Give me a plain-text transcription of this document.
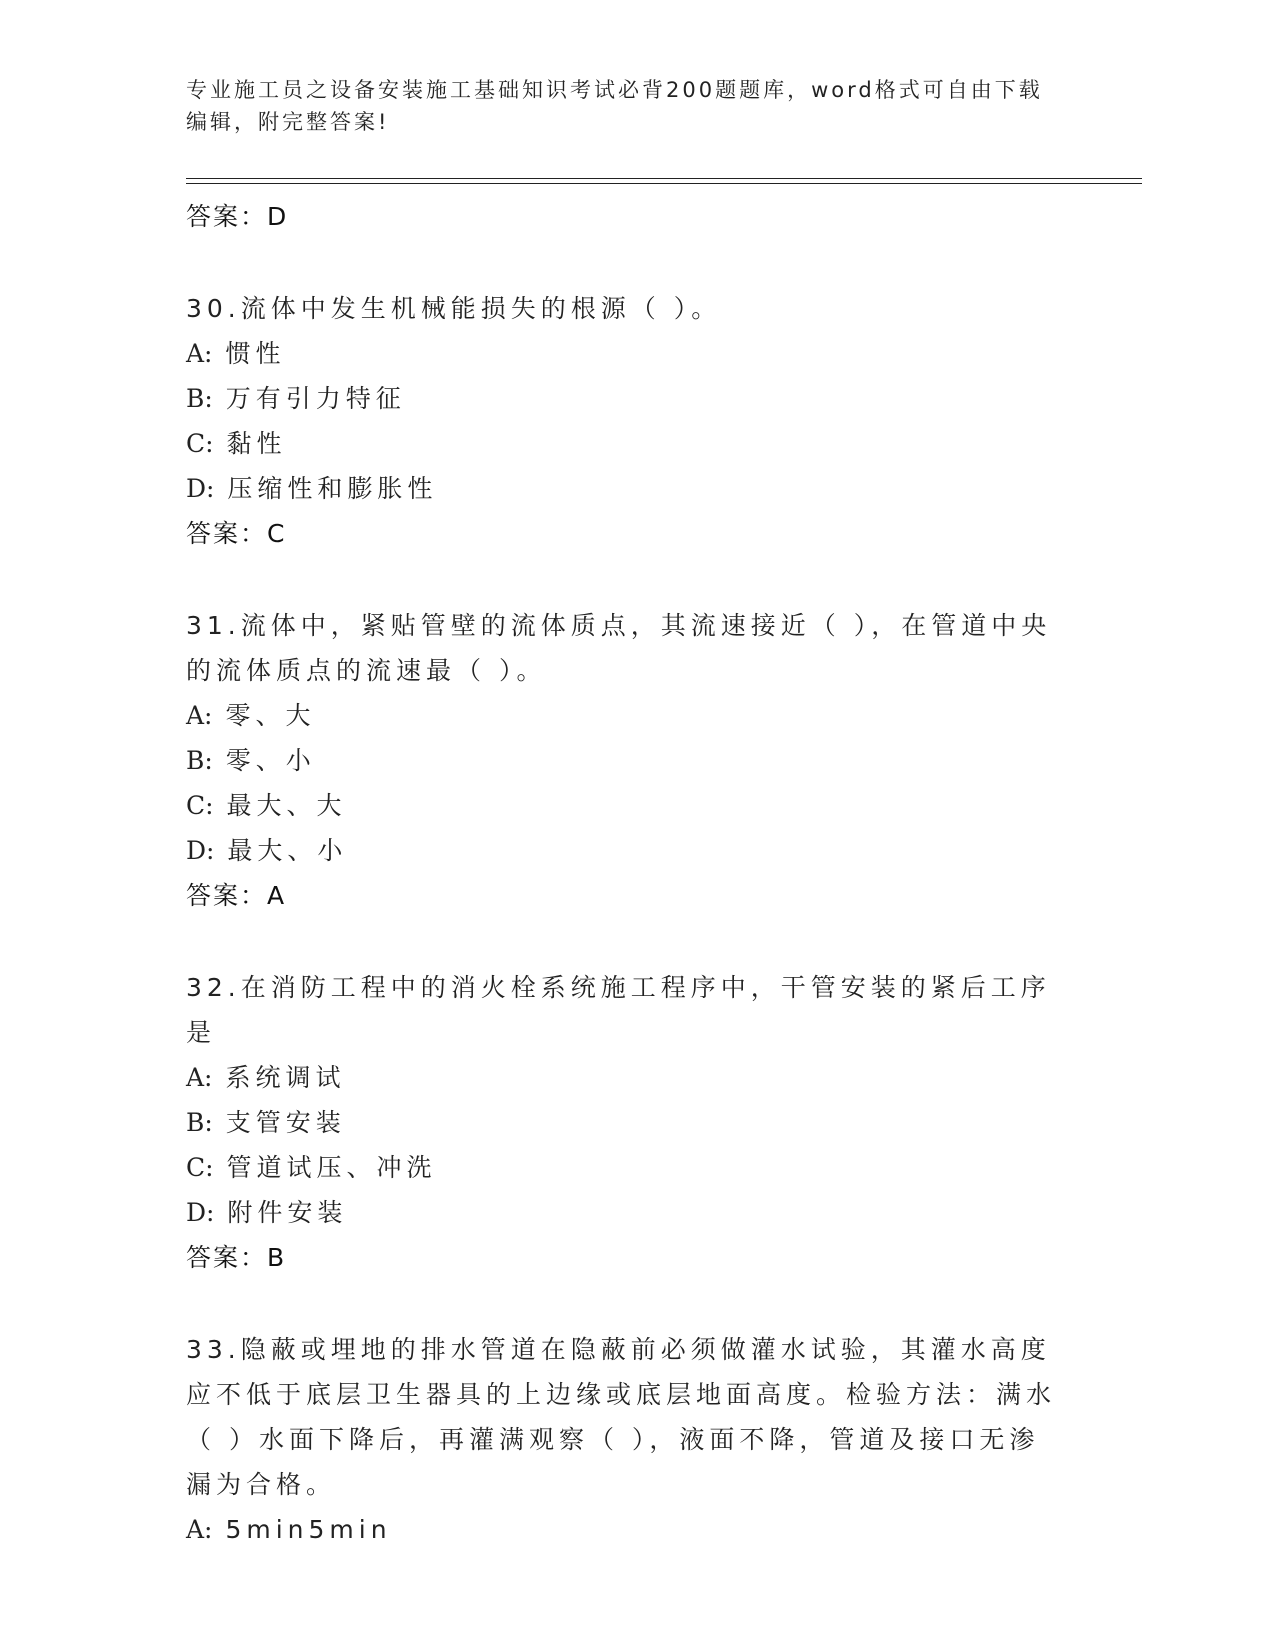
专业施工员之设备安装施工基础知识考试必背200题题库，word格式可自由下载编辑，附完整答案!
答案：D
30.流体中发生机械能损失的根源（ ）。
A: 惯性
B: 万有引力特征
C: 黏性
D: 压缩性和膨胀性
答案：C
31.流体中，紧贴管壁的流体质点，其流速接近（ ），在管道中央的流体质点的流速最（ ）。
A: 零、大
B: 零、小
C: 最大、大
D: 最大、小
答案：A
32.在消防工程中的消火栓系统施工程序中，干管安装的紧后工序是
A: 系统调试
B: 支管安装
C: 管道试压、冲洗
D: 附件安装
答案：B
33.隐蔽或埋地的排水管道在隐蔽前必须做灌水试验，其灌水高度应不低于底层卫生器具的上边缘或底层地面高度。检验方法：满水（ ）水面下降后，再灌满观察（ ），液面不降，管道及接口无渗漏为合格。
A: 5min5min
